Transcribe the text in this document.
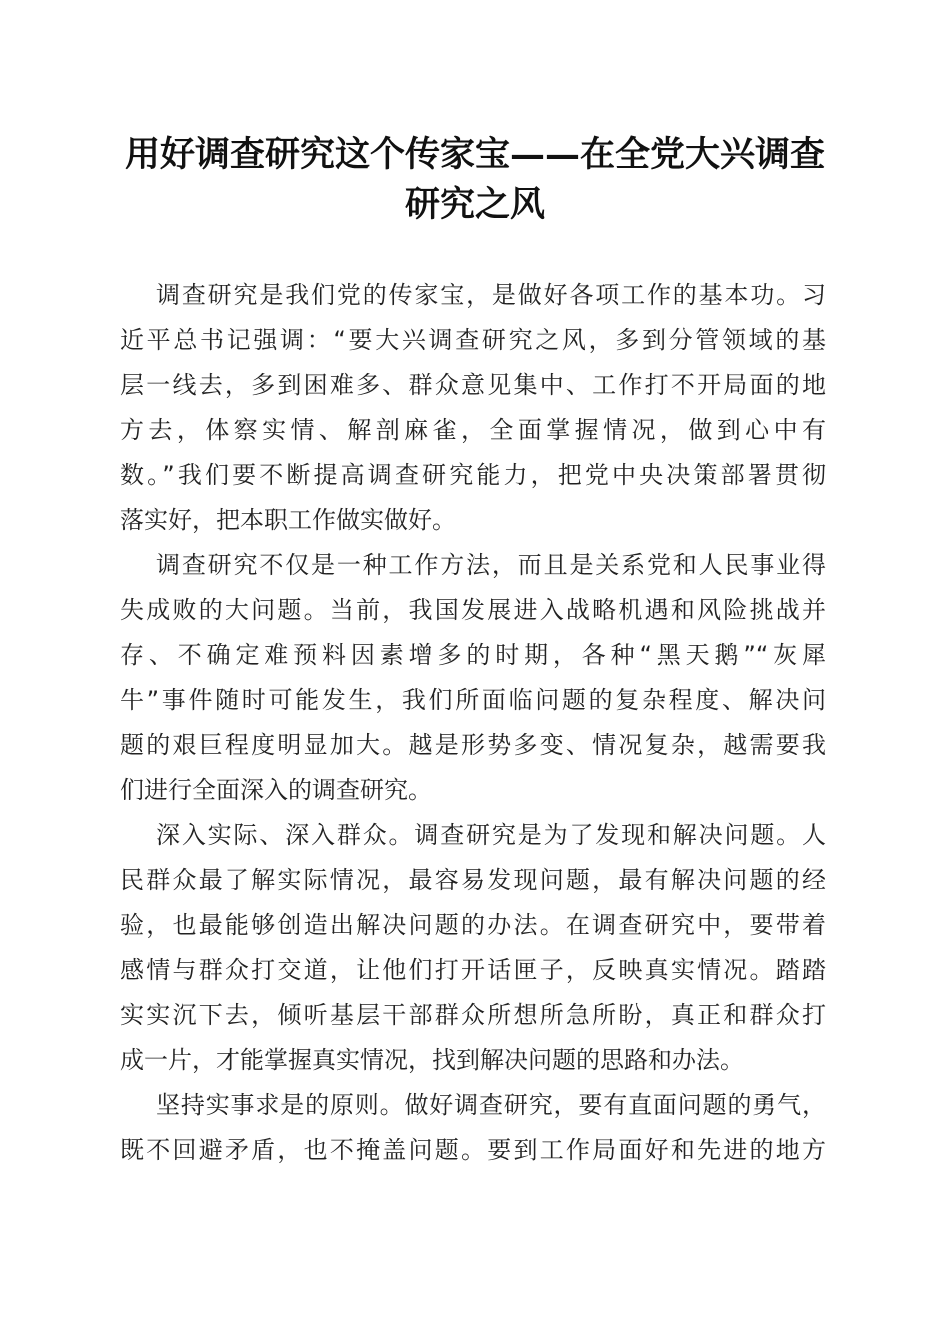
用好调查研究这个传家宝——在全党大兴调查
研究之风
调查研究是我们党的传家宝，是做好各项工作的基本功。习
近平总书记强调：“要大兴调查研究之风，多到分管领域的基
层一线去，多到困难多、群众意见集中、工作打不开局面的地
方去，体察实情、解剖麻雀，全面掌握情况，做到心中有
数。”我们要不断提高调查研究能力，把党中央决策部署贯彻
落实好，把本职工作做实做好。
调查研究不仅是一种工作方法，而且是关系党和人民事业得
失成败的大问题。当前，我国发展进入战略机遇和风险挑战并
存、不确定难预料因素增多的时期，各种“黑天鹅”“灰犀
牛”事件随时可能发生，我们所面临问题的复杂程度、解决问
题的艰巨程度明显加大。越是形势多变、情况复杂，越需要我
们进行全面深入的调查研究。
深入实际、深入群众。调查研究是为了发现和解决问题。人
民群众最了解实际情况，最容易发现问题，最有解决问题的经
验，也最能够创造出解决问题的办法。在调查研究中，要带着
感情与群众打交道，让他们打开话匣子，反映真实情况。踏踏
实实沉下去，倾听基层干部群众所想所急所盼，真正和群众打
成一片，才能掌握真实情况，找到解决问题的思路和办法。
坚持实事求是的原则。做好调查研究，要有直面问题的勇气，
既不回避矛盾，也不掩盖问题。要到工作局面好和先进的地方
